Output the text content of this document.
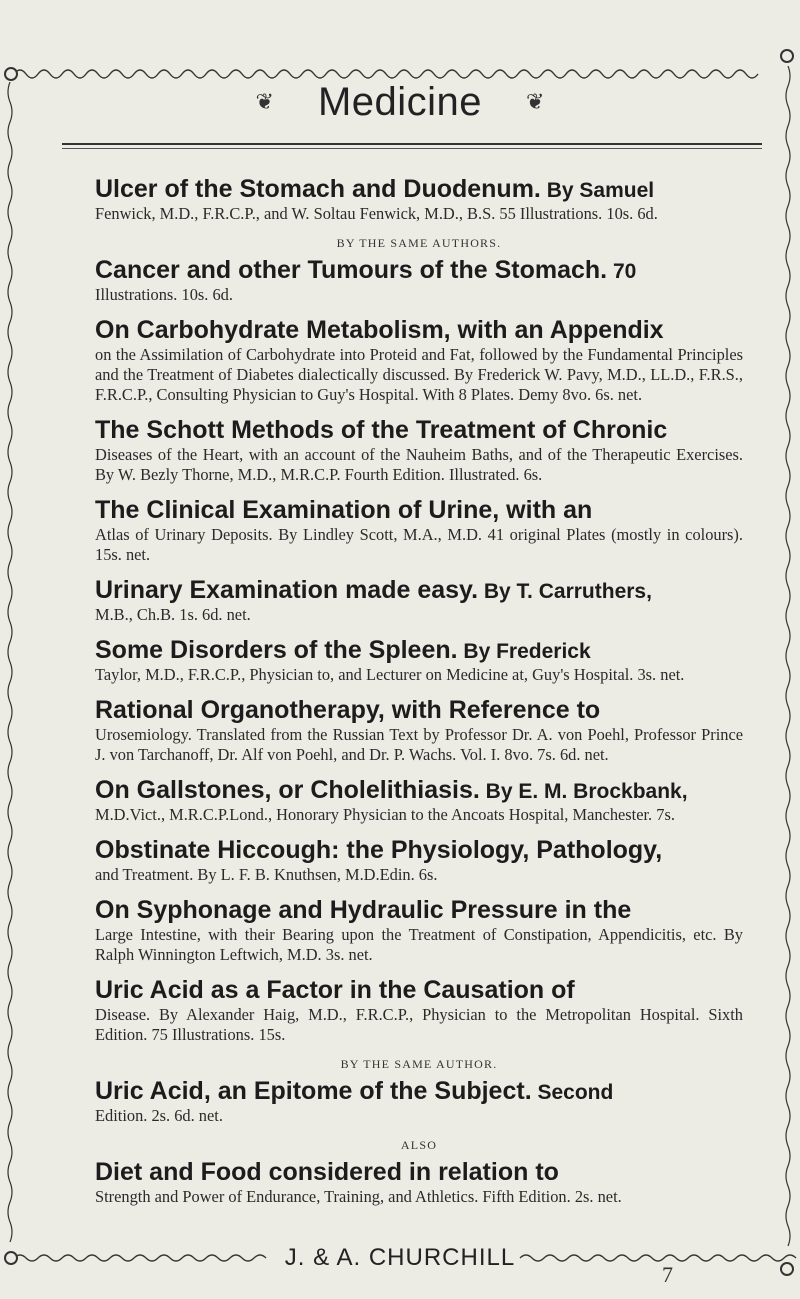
❦ Medicine ❦
Ulcer of the Stomach and Duodenum. By Samuel
Fenwick, M.D., F.R.C.P., and W. Soltau Fenwick, M.D., B.S. 55 Illustrations. 10s. 6d.
BY THE SAME AUTHORS.
Cancer and other Tumours of the Stomach. 70
Illustrations. 10s. 6d.
On Carbohydrate Metabolism, with an Appendix
on the Assimilation of Carbohydrate into Proteid and Fat, followed by the Fundamental Principles and the Treatment of Diabetes dialectically discussed. By Frederick W. Pavy, M.D., LL.D., F.R.S., F.R.C.P., Consulting Physician to Guy's Hospital. With 8 Plates. Demy 8vo. 6s. net.
The Schott Methods of the Treatment of Chronic
Diseases of the Heart, with an account of the Nauheim Baths, and of the Therapeutic Exercises. By W. Bezly Thorne, M.D., M.R.C.P. Fourth Edition. Illustrated. 6s.
The Clinical Examination of Urine, with an
Atlas of Urinary Deposits. By Lindley Scott, M.A., M.D. 41 original Plates (mostly in colours). 15s. net.
Urinary Examination made easy. By T. Carruthers,
M.B., Ch.B. 1s. 6d. net.
Some Disorders of the Spleen. By Frederick
Taylor, M.D., F.R.C.P., Physician to, and Lecturer on Medicine at, Guy's Hospital. 3s. net.
Rational Organotherapy, with Reference to
Urosemiology. Translated from the Russian Text by Professor Dr. A. von Poehl, Professor Prince J. von Tarchanoff, Dr. Alf von Poehl, and Dr. P. Wachs. Vol. I. 8vo. 7s. 6d. net.
On Gallstones, or Cholelithiasis. By E. M. Brockbank,
M.D.Vict., M.R.C.P.Lond., Honorary Physician to the Ancoats Hospital, Manchester. 7s.
Obstinate Hiccough: the Physiology, Pathology,
and Treatment. By L. F. B. Knuthsen, M.D.Edin. 6s.
On Syphonage and Hydraulic Pressure in the
Large Intestine, with their Bearing upon the Treatment of Constipation, Appendicitis, etc. By Ralph Winnington Leftwich, M.D. 3s. net.
Uric Acid as a Factor in the Causation of
Disease. By Alexander Haig, M.D., F.R.C.P., Physician to the Metropolitan Hospital. Sixth Edition. 75 Illustrations. 15s.
BY THE SAME AUTHOR.
Uric Acid, an Epitome of the Subject. Second
Edition. 2s. 6d. net.
ALSO
Diet and Food considered in relation to
Strength and Power of Endurance, Training, and Athletics. Fifth Edition. 2s. net.
J. & A. CHURCHILL
7
